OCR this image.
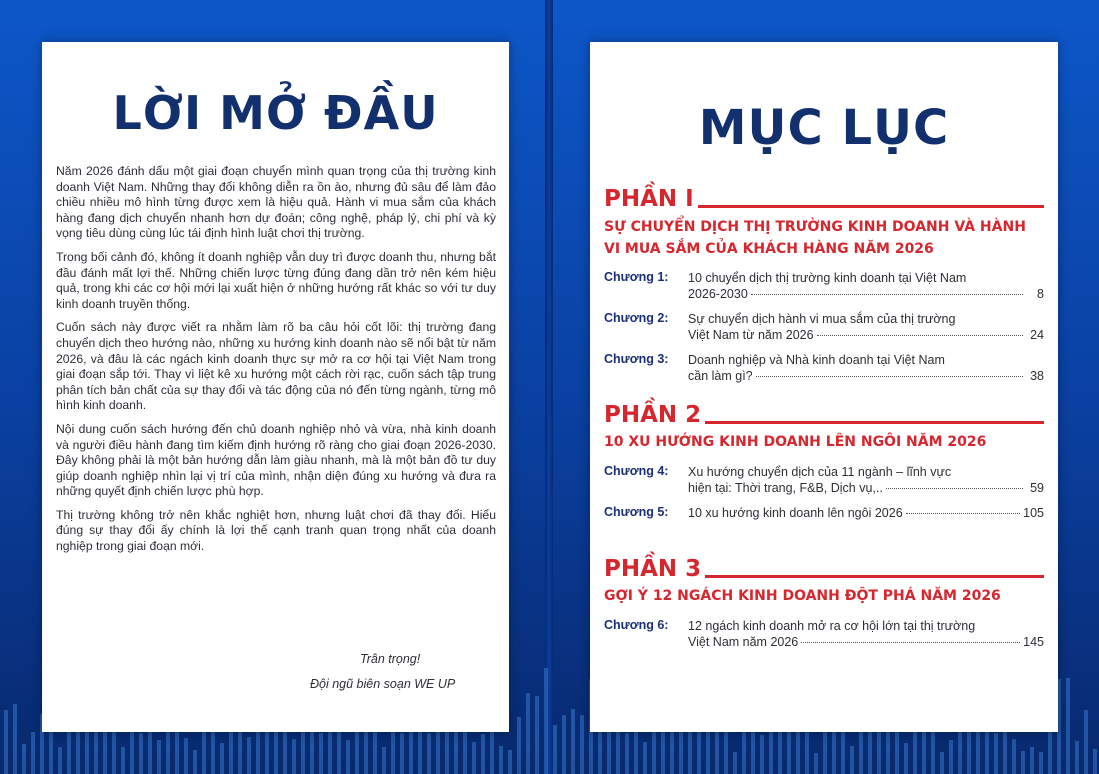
LỜI MỞ ĐẦU

Năm 2026 đánh dấu một giai đoạn chuyển mình quan trọng của thị trường kinh doanh Việt Nam. Những thay đổi không diễn ra ồn ào, nhưng đủ sâu để làm đảo chiều nhiều mô hình từng được xem là hiệu quả. Hành vi mua sắm của khách hàng đang dịch chuyển nhanh hơn dự đoán; công nghệ, pháp lý, chi phí và kỳ vọng tiêu dùng cùng lúc tái định hình luật chơi thị trường.

Trong bối cảnh đó, không ít doanh nghiệp vẫn duy trì được doanh thu, nhưng bắt đầu đánh mất lợi thế. Những chiến lược từng đúng đang dần trở nên kém hiệu quả, trong khi các cơ hội mới lại xuất hiện ở những hướng rất khác so với tư duy kinh doanh truyền thống.

Cuốn sách này được viết ra nhằm làm rõ ba câu hỏi cốt lõi: thị trường đang chuyển dịch theo hướng nào, những xu hướng kinh doanh nào sẽ nổi bật từ năm 2026, và đâu là các ngách kinh doanh thực sự mở ra cơ hội tại Việt Nam trong giai đoạn sắp tới. Thay vì liệt kê xu hướng một cách rời rạc, cuốn sách tập trung phân tích bản chất của sự thay đổi và tác động của nó đến từng ngành, từng mô hình kinh doanh.

Nội dung cuốn sách hướng đến chủ doanh nghiệp nhỏ và vừa, nhà kinh doanh và người điều hành đang tìm kiếm định hướng rõ ràng cho giai đoạn 2026-2030. Đây không phải là một bản hướng dẫn làm giàu nhanh, mà là một bản đồ tư duy giúp doanh nghiệp nhìn lại vị trí của mình, nhận diện đúng xu hướng và đưa ra những quyết định chiến lược phù hợp.

Thị trường không trở nên khắc nghiệt hơn, nhưng luật chơi đã thay đổi. Hiểu đúng sự thay đổi ấy chính là lợi thế cạnh tranh quan trọng nhất của doanh nghiệp trong giai đoạn mới.

Trân trọng!
Đội ngũ biên soạn WE UP
MỤC LỤC
PHẦN I
SỰ CHUYỂN DỊCH THỊ TRƯỜNG KINH DOANH VÀ HÀNH VI MUA SẮM CỦA KHÁCH HÀNG NĂM 2026
Chương 1:	10 chuyển dịch thị trường kinh doanh tại Việt Nam
2026-2030	8
Chương 2:	Sự chuyển dịch hành vi mua sắm của thị trường
Việt Nam từ năm 2026	24
Chương 3:	Doanh nghiệp và Nhà kinh doanh tại Việt Nam
cần làm gì?	38
PHẦN 2
10 XU HƯỚNG KINH DOANH LÊN NGÔI NĂM 2026
Chương 4:	Xu hướng chuyển dịch của 11 ngành – lĩnh vực
hiện tại: Thời trang, F&B, Dịch vụ,..	59
Chương 5:	10 xu hướng kinh doanh lên ngôi 2026	105
PHẦN 3
GỢI Ý 12 NGÁCH KINH DOANH ĐỘT PHÁ NĂM 2026
Chương 6:	12 ngách kinh doanh mở ra cơ hội lớn tại thị trường
Việt Nam năm 2026	145
